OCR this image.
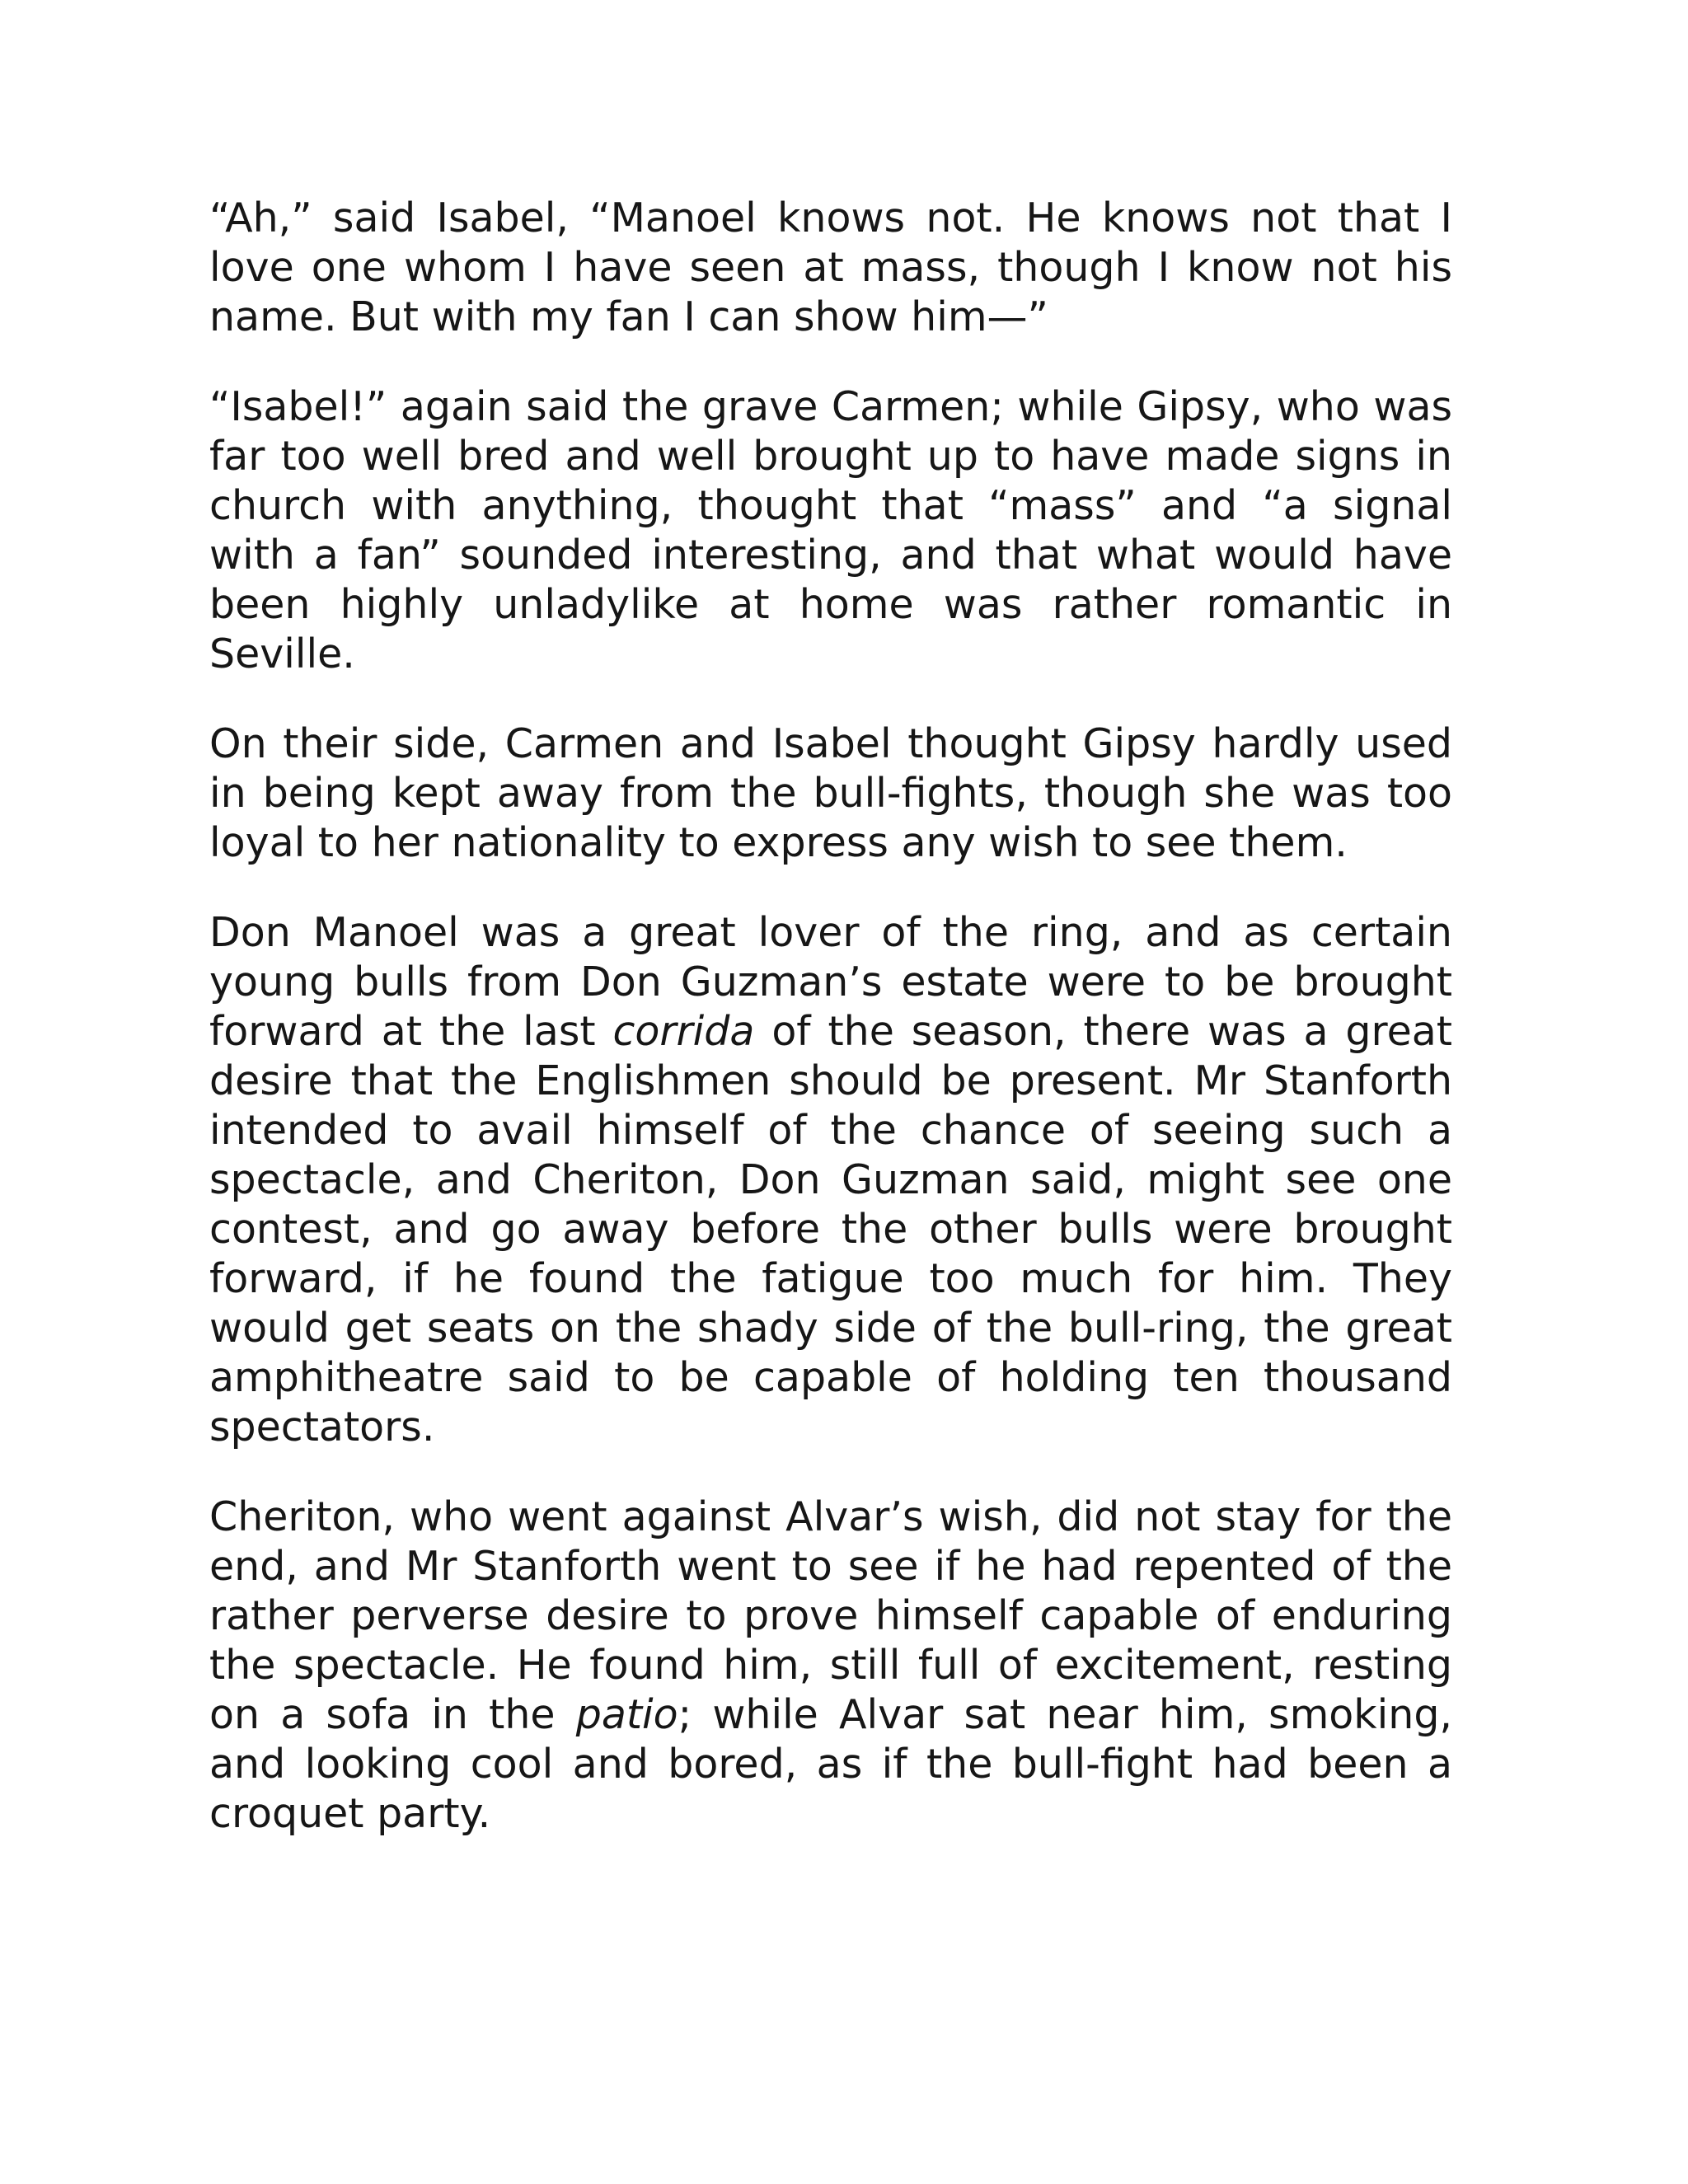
“Ah,” said Isabel, “Manoel knows not. He knows not that I love one whom I have seen at mass, though I know not his name. But with my fan I can show him—”

“Isabel!” again said the grave Carmen; while Gipsy, who was far too well bred and well brought up to have made signs in church with anything, thought that “mass” and “a signal with a fan” sounded interesting, and that what would have been highly unladylike at home was rather romantic in Seville.

On their side, Carmen and Isabel thought Gipsy hardly used in being kept away from the bull-fights, though she was too loyal to her nationality to express any wish to see them.

Don Manoel was a great lover of the ring, and as certain young bulls from Don Guzman’s estate were to be brought forward at the last corrida of the season, there was a great desire that the Englishmen should be present. Mr Stanforth intended to avail himself of the chance of seeing such a spectacle, and Cheriton, Don Guzman said, might see one contest, and go away before the other bulls were brought forward, if he found the fatigue too much for him. They would get seats on the shady side of the bull-ring, the great amphitheatre said to be capable of holding ten thousand spectators.

Cheriton, who went against Alvar’s wish, did not stay for the end, and Mr Stanforth went to see if he had repented of the rather perverse desire to prove himself capable of enduring the spectacle. He found him, still full of excitement, resting on a sofa in the patio; while Alvar sat near him, smoking, and looking cool and bored, as if the bull-fight had been a croquet party.
